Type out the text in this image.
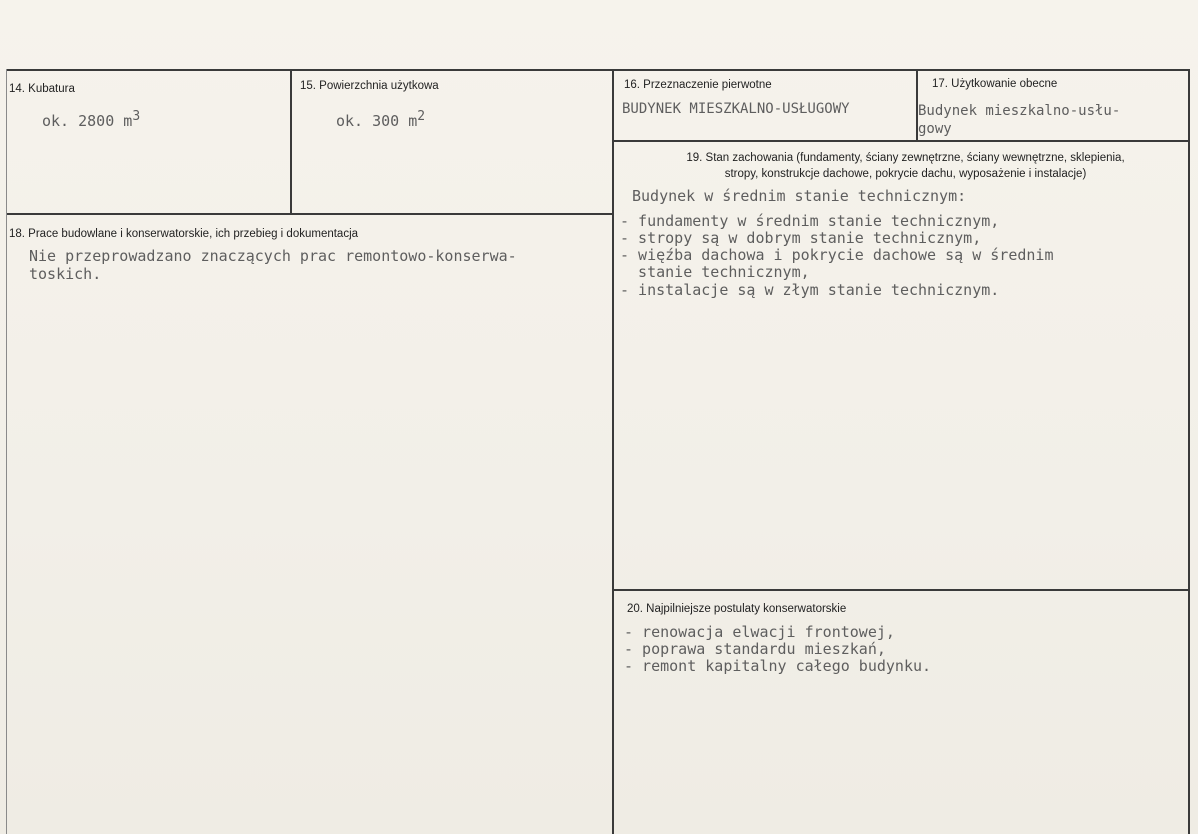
14. Kubatura
ok. 2800 $m^3$
15. Powierzchnia użytkowa
ok. 300 $m^2$
16. Przeznaczenie pierwotne
BUDYNEK MIESZKALNO-USŁUGOWY
17. Użytkowanie obecne
Budynek mieszkalno-usłu-
gowy
18. Prace budowlane i konserwatorskie, ich przebieg i dokumentacja
Nie przeprowadzano znaczących prac remontowo-konserwa-
toskich.
19. Stan zachowania (fundamenty, ściany zewnętrzne, ściany wewnętrzne, sklepienia,
stropy, konstrukcje dachowe, pokrycie dachu, wyposażenie i instalacje)
Budynek w średnim stanie technicznym:
- fundamenty w średnim stanie technicznym,
- stropy są w dobrym stanie technicznym,
- więźba dachowa i pokrycie dachowe są w średnim
stanie technicznym,
- instalacje są w złym stanie technicznym.
20. Najpilniejsze postulaty konserwatorskie
- renowacja elwacji frontowej,
- poprawa standardu mieszkań,
- remont kapitalny całego budynku.
